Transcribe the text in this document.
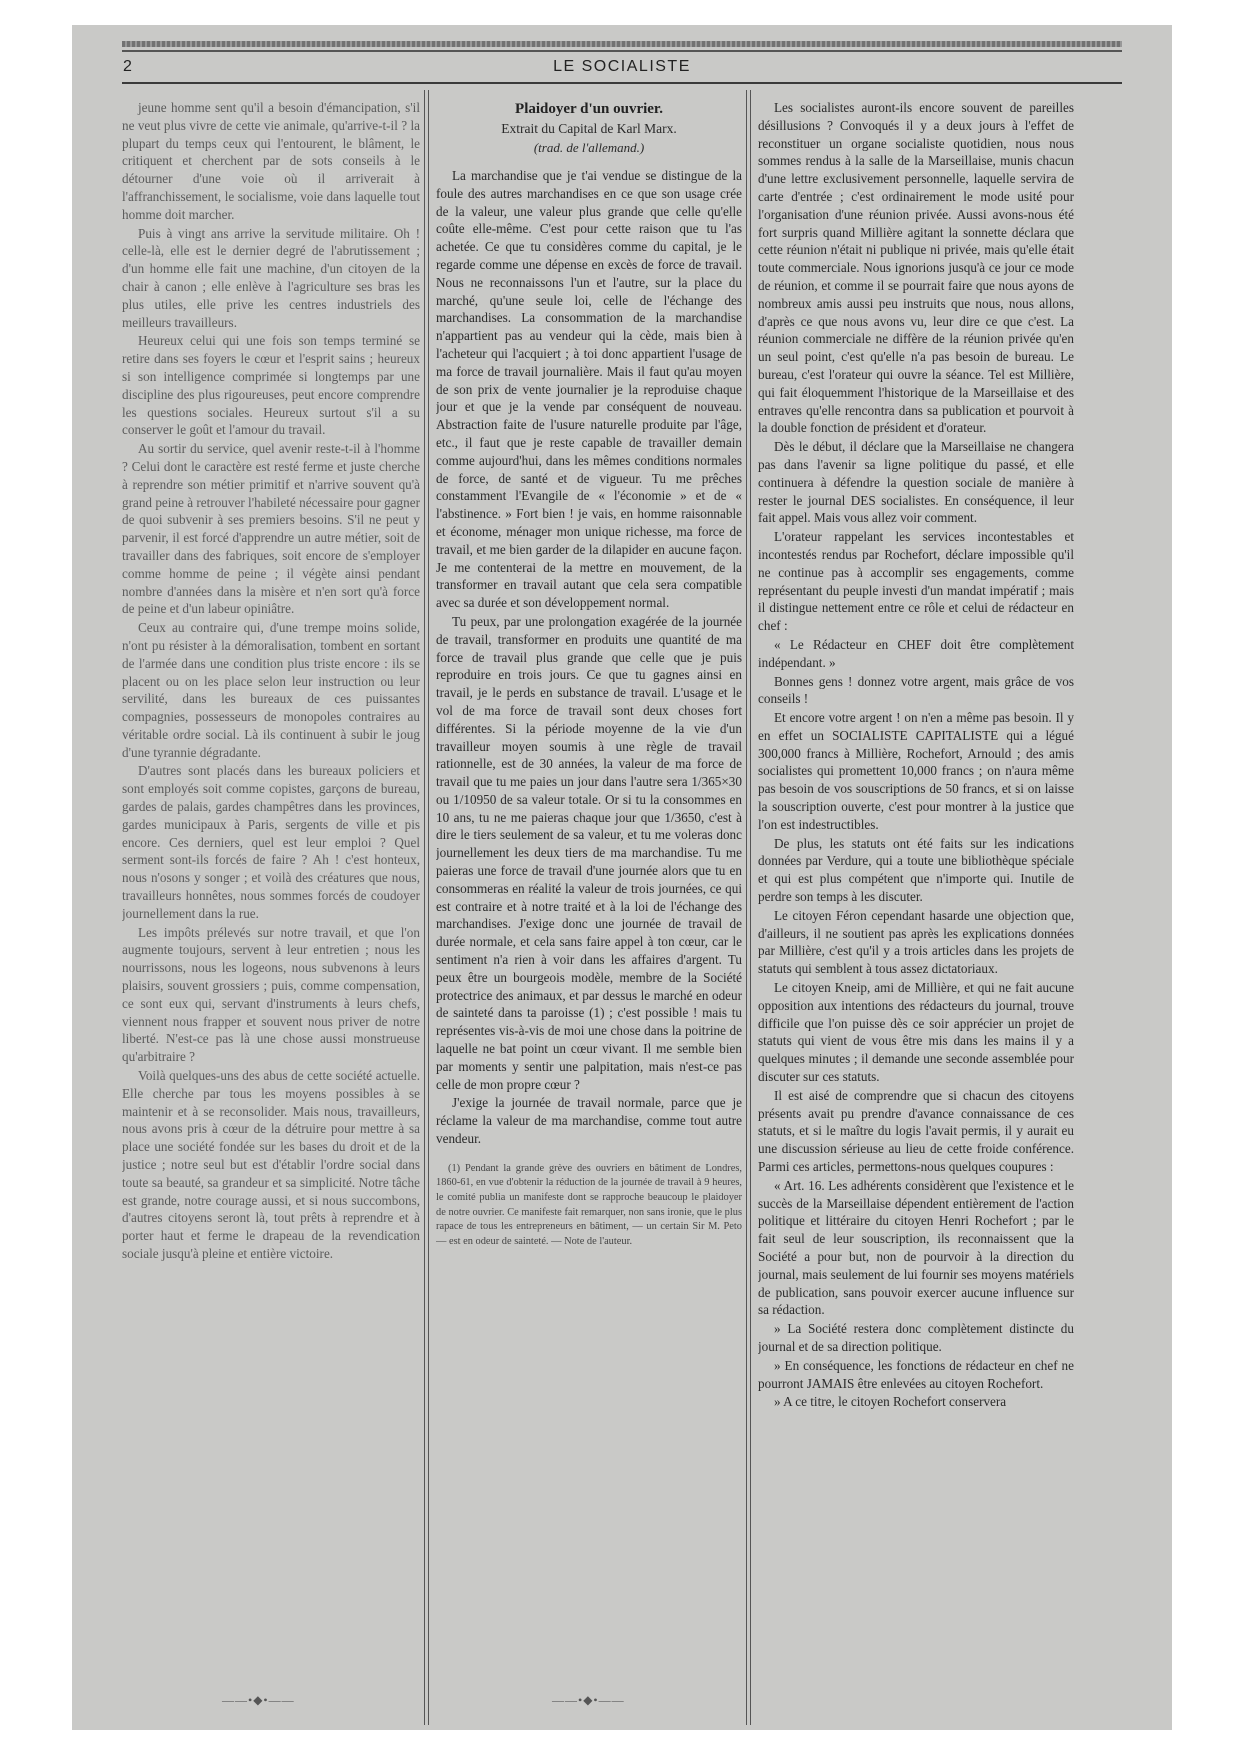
2	LE SOCIALISTE

jeune homme sent qu'il a besoin d'émancipation, s'il ne veut plus vivre de cette vie animale, qu'arrive-t-il ? la plupart du temps ceux qui l'entourent, le blâment, le critiquent et cherchent par de sots conseils à le détourner d'une voie où il arriverait à l'affranchissement, le socialisme, voie dans laquelle tout homme doit marcher.

Puis à vingt ans arrive la servitude militaire. Oh ! celle-là, elle est le dernier degré de l'abrutissement ; d'un homme elle fait une machine, d'un citoyen de la chair à canon ; elle enlève à l'agriculture ses bras les plus utiles, elle prive les centres industriels des meilleurs travailleurs.

Heureux celui qui une fois son temps terminé se retire dans ses foyers le cœur et l'esprit sains ; heureux si son intelligence comprimée si longtemps par une discipline des plus rigoureuses, peut encore comprendre les questions sociales. Heureux surtout s'il a su conserver le goût et l'amour du travail.

Au sortir du service, quel avenir reste-t-il à l'homme ? Celui dont le caractère est resté ferme et juste cherche à reprendre son métier primitif et n'arrive souvent qu'à grand peine à retrouver l'habileté nécessaire pour gagner de quoi subvenir à ses premiers besoins. S'il ne peut y parvenir, il est forcé d'apprendre un autre métier, soit de travailler dans des fabriques, soit encore de s'employer comme homme de peine ; il végète ainsi pendant nombre d'années dans la misère et n'en sort qu'à force de peine et d'un labeur opiniâtre.

Ceux au contraire qui, d'une trempe moins solide, n'ont pu résister à la démoralisation, tombent en sortant de l'armée dans une condition plus triste encore : ils se placent ou on les place selon leur instruction ou leur servilité, dans les bureaux de ces puissantes compagnies, possesseurs de monopoles contraires au véritable ordre social. Là ils continuent à subir le joug d'une tyrannie dégradante.

D'autres sont placés dans les bureaux policiers et sont employés soit comme copistes, garçons de bureau, gardes de palais, gardes champêtres dans les provinces, gardes municipaux à Paris, sergents de ville et pis encore. Ces derniers, quel est leur emploi ? Quel serment sont-ils forcés de faire ? Ah ! c'est honteux, nous n'osons y songer ; et voilà des créatures que nous, travailleurs honnêtes, nous sommes forcés de coudoyer journellement dans la rue.

Les impôts prélevés sur notre travail, et que l'on augmente toujours, servent à leur entretien ; nous les nourrissons, nous les logeons, nous subvenons à leurs plaisirs, souvent grossiers ; puis, comme compensation, ce sont eux qui, servant d'instruments à leurs chefs, viennent nous frapper et souvent nous priver de notre liberté. N'est-ce pas là une chose aussi monstrueuse qu'arbitraire ?

Voilà quelques-uns des abus de cette société actuelle. Elle cherche par tous les moyens possibles à se maintenir et à se reconsolider. Mais nous, travailleurs, nous avons pris à cœur de la détruire pour mettre à sa place une société fondée sur les bases du droit et de la justice ; notre seul but est d'établir l'ordre social dans toute sa beauté, sa grandeur et sa simplicité. Notre tâche est grande, notre courage aussi, et si nous succombons, d'autres citoyens seront là, tout prêts à reprendre et à porter haut et ferme le drapeau de la revendication sociale jusqu'à pleine et entière victoire.

Plaidoyer d'un ouvrier.
Extrait du Capital de Karl Marx.
(trad. de l'allemand.)

La marchandise que je t'ai vendue se distingue de la foule des autres marchandises en ce que son usage crée de la valeur, une valeur plus grande que celle qu'elle coûte elle-même. C'est pour cette raison que tu l'as achetée. Ce que tu considères comme du capital, je le regarde comme une dépense en excès de force de travail. Nous ne reconnaissons l'un et l'autre, sur la place du marché, qu'une seule loi, celle de l'échange des marchandises. La consommation de la marchandise n'appartient pas au vendeur qui la cède, mais bien à l'acheteur qui l'acquiert ; à toi donc appartient l'usage de ma force de travail journalière. Mais il faut qu'au moyen de son prix de vente journalier je la reproduise chaque jour et que je la vende par conséquent de nouveau. Abstraction faite de l'usure naturelle produite par l'âge, etc., il faut que je reste capable de travailler demain comme aujourd'hui, dans les mêmes conditions normales de force, de santé et de vigueur. Tu me prêches constamment l'Evangile de « l'économie » et de « l'abstinence. » Fort bien ! je vais, en homme raisonnable et économe, ménager mon unique richesse, ma force de travail, et me bien garder de la dilapider en aucune façon. Je me contenterai de la mettre en mouvement, de la transformer en travail autant que cela sera compatible avec sa durée et son développement normal.

Tu peux, par une prolongation exagérée de la journée de travail, transformer en produits une quantité de ma force de travail plus grande que celle que je puis reproduire en trois jours. Ce que tu gagnes ainsi en travail, je le perds en substance de travail. L'usage et le vol de ma force de travail sont deux choses fort différentes. Si la période moyenne de la vie d'un travailleur moyen soumis à une règle de travail rationnelle, est de 30 années, la valeur de ma force de travail que tu me paies un jour dans l'autre sera 1/365×30 ou 1/10950 de sa valeur totale. Or si tu la consommes en 10 ans, tu ne me paieras chaque jour que 1/3650, c'est à dire le tiers seulement de sa valeur, et tu me voleras donc journellement les deux tiers de ma marchandise. Tu me paieras une force de travail d'une journée alors que tu en consommeras en réalité la valeur de trois journées, ce qui est contraire et à notre traité et à la loi de l'échange des marchandises. J'exige donc une journée de travail de durée normale, et cela sans faire appel à ton cœur, car le sentiment n'a rien à voir dans les affaires d'argent. Tu peux être un bourgeois modèle, membre de la Société protectrice des animaux, et par dessus le marché en odeur de sainteté dans ta paroisse (1) ; c'est possible ! mais tu représentes vis-à-vis de moi une chose dans la poitrine de laquelle ne bat point un cœur vivant. Il me semble bien par moments y sentir une palpitation, mais n'est-ce pas celle de mon propre cœur ?

J'exige la journée de travail normale, parce que je réclame la valeur de ma marchandise, comme tout autre vendeur.

(1) Pendant la grande grève des ouvriers en bâtiment de Londres, 1860-61, en vue d'obtenir la réduction de la journée de travail à 9 heures, le comité publia un manifeste dont se rapproche beaucoup le plaidoyer de notre ouvrier. Ce manifeste fait remarquer, non sans ironie, que le plus rapace de tous les entrepreneurs en bâtiment, — un certain Sir M. Peto — est en odeur de sainteté. — Note de l'auteur.

Les socialistes auront-ils encore souvent de pareilles désillusions ? Convoqués il y a deux jours à l'effet de reconstituer un organe socialiste quotidien, nous nous sommes rendus à la salle de la Marseillaise, munis chacun d'une lettre exclusivement personnelle, laquelle servira de carte d'entrée ; c'est ordinairement le mode usité pour l'organisation d'une réunion privée. Aussi avons-nous été fort surpris quand Millière agitant la sonnette déclara que cette réunion n'était ni publique ni privée, mais qu'elle était toute commerciale. Nous ignorions jusqu'à ce jour ce mode de réunion, et comme il se pourrait faire que nous ayons de nombreux amis aussi peu instruits que nous, nous allons, d'après ce que nous avons vu, leur dire ce que c'est. La réunion commerciale ne diffère de la réunion privée qu'en un seul point, c'est qu'elle n'a pas besoin de bureau. Le bureau, c'est l'orateur qui ouvre la séance. Tel est Millière, qui fait éloquemment l'historique de la Marseillaise et des entraves qu'elle rencontra dans sa publication et pourvoit à la double fonction de président et d'orateur.

Dès le début, il déclare que la Marseillaise ne changera pas dans l'avenir sa ligne politique du passé, et elle continuera à défendre la question sociale de manière à rester le journal DES socialistes. En conséquence, il leur fait appel. Mais vous allez voir comment.

L'orateur rappelant les services incontestables et incontestés rendus par Rochefort, déclare impossible qu'il ne continue pas à accomplir ses engagements, comme représentant du peuple investi d'un mandat impératif ; mais il distingue nettement entre ce rôle et celui de rédacteur en chef :

« Le Rédacteur en CHEF doit être complètement indépendant. »

Bonnes gens ! donnez votre argent, mais grâce de vos conseils !

Et encore votre argent ! on n'en a même pas besoin. Il y en effet un SOCIALISTE CAPITALISTE qui a légué 300,000 francs à Millière, Rochefort, Arnould ; des amis socialistes qui promettent 10,000 francs ; on n'aura même pas besoin de vos souscriptions de 50 francs, et si on laisse la souscription ouverte, c'est pour montrer à la justice que l'on est indestructibles.

De plus, les statuts ont été faits sur les indications données par Verdure, qui a toute une bibliothèque spéciale et qui est plus compétent que n'importe qui. Inutile de perdre son temps à les discuter.

Le citoyen Féron cependant hasarde une objection que, d'ailleurs, il ne soutient pas après les explications données par Millière, c'est qu'il y a trois articles dans les projets de statuts qui semblent à tous assez dictatoriaux.

Le citoyen Kneip, ami de Millière, et qui ne fait aucune opposition aux intentions des rédacteurs du journal, trouve difficile que l'on puisse dès ce soir apprécier un projet de statuts qui vient de vous être mis dans les mains il y a quelques minutes ; il demande une seconde assemblée pour discuter sur ces statuts.

Il est aisé de comprendre que si chacun des citoyens présents avait pu prendre d'avance connaissance de ces statuts, et si le maître du logis l'avait permis, il y aurait eu une discussion sérieuse au lieu de cette froide conférence. Parmi ces articles, permettons-nous quelques coupures :

« Art. 16. Les adhérents considèrent que l'existence et le succès de la Marseillaise dépendent entièrement de l'action politique et littéraire du citoyen Henri Rochefort ; par le fait seul de leur souscription, ils reconnaissent que la Société a pour but, non de pourvoir à la direction du journal, mais seulement de lui fournir ses moyens matériels de publication, sans pouvoir exercer aucune influence sur sa rédaction.

» La Société restera donc complètement distincte du journal et de sa direction politique.

» En conséquence, les fonctions de rédacteur en chef ne pourront JAMAIS être enlevées au citoyen Rochefort.

» A ce titre, le citoyen Rochefort conservera

——•◆•——	——•◆•——
